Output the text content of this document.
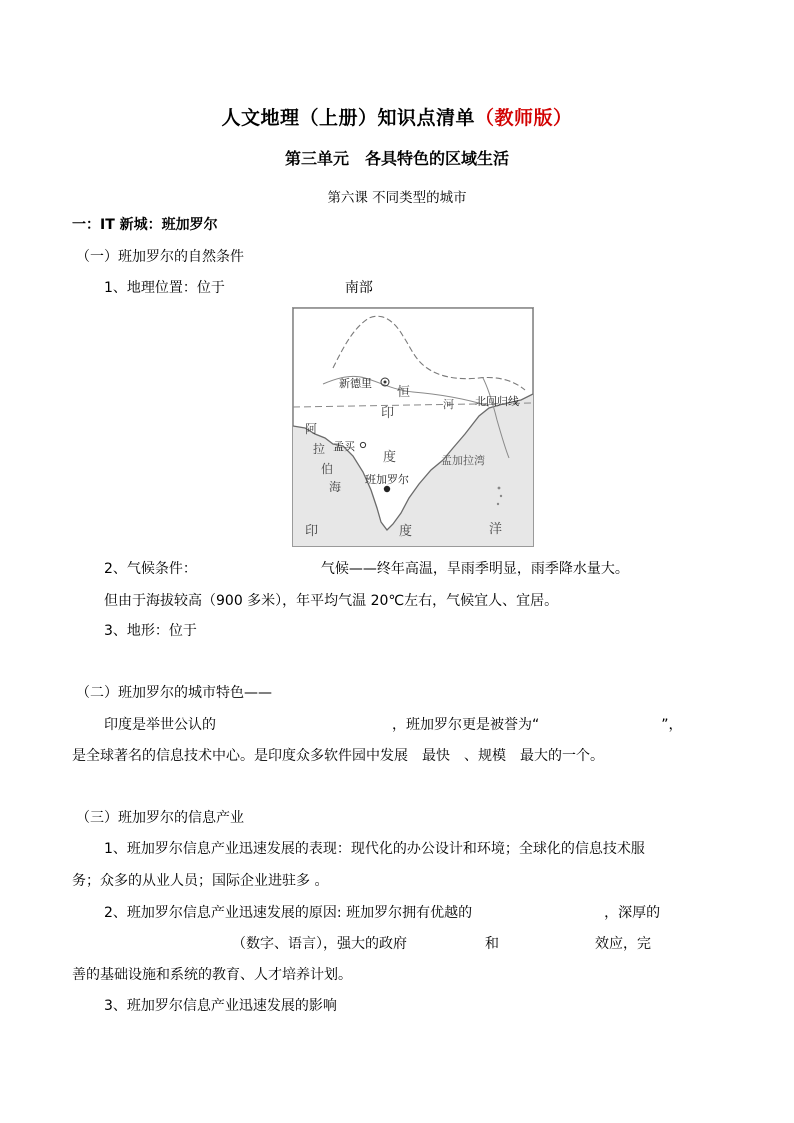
人文地理（上册）知识点清单（教师版）
第三单元　各具特色的区域生活
第六课 不同类型的城市
一：IT 新城：班加罗尔
（一）班加罗尔的自然条件
1、地理位置：位于	南部
新德里
北回归线
恒
河
印
度
阿
拉
伯
海
孟买
孟加拉湾
班加罗尔
印	度	洋
2、气候条件：	气候——终年高温，旱雨季明显，雨季降水量大。
但由于海拔较高（900 多米），年平均气温 20℃左右，气候宜人、宜居。
3、地形：位于
（二）班加罗尔的城市特色——
印度是举世公认的	，班加罗尔更是被誉为“	”，
是全球著名的信息技术中心。是印度众多软件园中发展　最快　、规模　最大的一个。
（三）班加罗尔的信息产业
1、班加罗尔信息产业迅速发展的表现：现代化的办公设计和环境；全球化的信息技术服
务；众多的从业人员；国际企业进驻多 。
2、班加罗尔信息产业迅速发展的原因: 班加罗尔拥有优越的	，深厚的
（数字、语言），强大的政府	和	效应，完
善的基础设施和系统的教育、人才培养计划。
3、班加罗尔信息产业迅速发展的影响
